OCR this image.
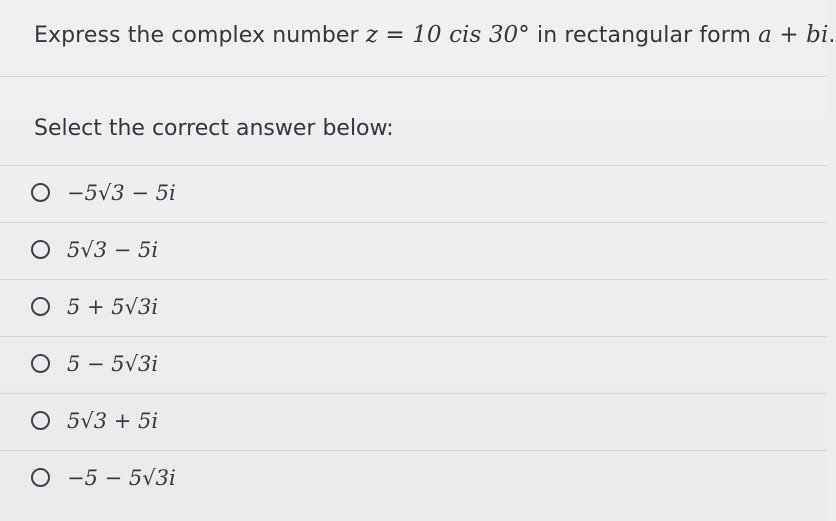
Express the complex number z = 10 cis 30° in rectangular form a + bi.
Select the correct answer below:
−5√3 − 5i
5√3 − 5i
5 + 5√3i
5 − 5√3i
5√3 + 5i
−5 − 5√3i
